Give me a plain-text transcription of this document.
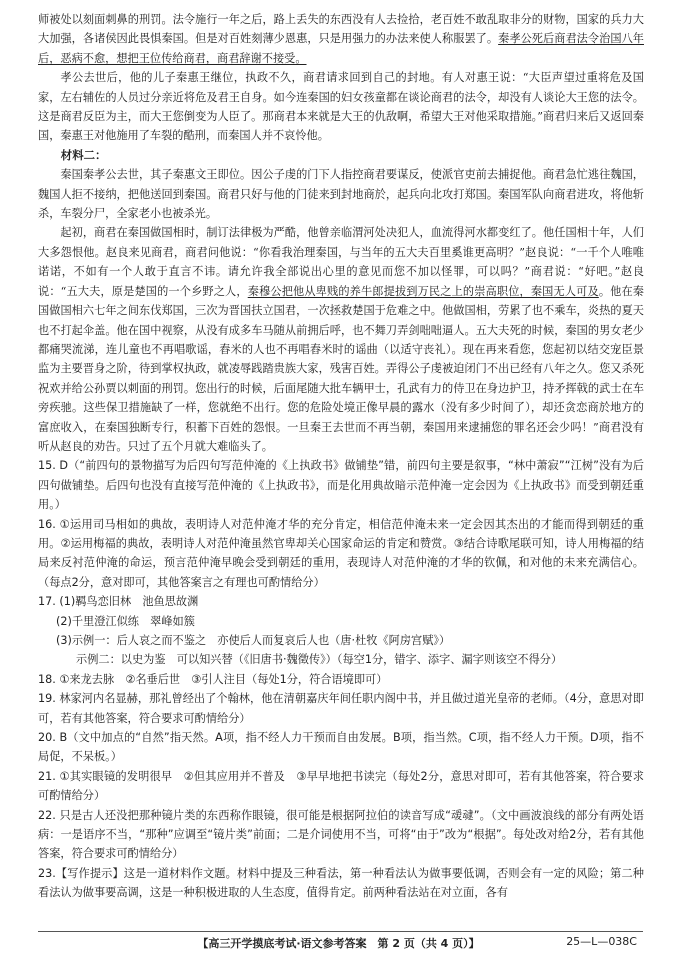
师被处以刻面刺鼻的刑罚。法令施行一年之后，路上丢失的东西没有人去捡拾，老百姓不敢乱取非分的财物，国家的兵力大大加强，各诸侯因此畏惧秦国。但是对百姓刻薄少恩惠，只是用强力的办法来使人称服罢了。秦孝公死后商君法令治国八年后，恶病不愈，想把王位传给商君，商君辞谢不接受。

孝公去世后，他的儿子秦惠王继位，执政不久，商君请求回到自己的封地。有人对惠王说：“大臣声望过重将危及国家，左右辅佐的人员过分亲近将危及君王自身。如今连秦国的妇女孩童都在谈论商君的法令，却没有人谈论大王您的法令。这是商君反臣为主，而大王您倒变为人臣了。那商君本来就是大王的仇敌啊，希望大王对他采取措施。”商君归来后又返回秦国，秦惠王对他施用了车裂的酷刑，而秦国人并不哀怜他。

材料二：

秦国秦孝公去世，其子秦惠文王即位。因公子虔的门下人指控商君要谋反，使派官吏前去捕捉他。商君急忙逃往魏国，魏国人拒不接纳，把他送回到秦国。商君只好与他的门徒来到封地商於，起兵向北攻打郑国。秦国军队向商君进攻，将他斩杀，车裂分尸，全家老小也被杀光。

起初，商君在秦国做国相时，制订法律极为严酷，他曾亲临渭河处决犯人，血流得河水都变红了。他任国相十年，人们大多怨恨他。赵良来见商君，商君问他说：“你看我治理秦国，与当年的五大夫百里奚谁更高明？”赵良说：“一千个人唯唯诺诺，不如有一个人敢于直言不讳。请允许我全部说出心里的意见而您不加以怪罪，可以吗？”商君说：“好吧。”赵良说：“五大夫，原是楚国的一个乡野之人，秦穆公把他从卑贱的养牛郎提拔到万民之上的崇高职位，秦国无人可及。他在秦国做国相六七年之间东伐郑国，三次为晋国扶立国君，一次拯救楚国于危难之中。他做国相，劳累了也不乘车，炎热的夏天也不打起伞盖。他在国中视察，从没有成多车马随从前拥后呼，也不舞刀弄剑咄咄逼人。五大夫死的时候，秦国的男女老少都痛哭流涕，连儿童也不再唱歌谣，舂米的人也不再唱舂米时的谣曲（以适守丧礼）。现在再来看您，您起初以结交宠臣景监为主要晋身之阶，待到掌权执政，就凌辱践踏贵族大家，残害百姓。弄得公子虔被迫闭门不出已经有八年之久。您又杀死祝欢并给公孙贾以刺面的刑罚。您出行的时候，后面尾随大批车辆甲士，孔武有力的侍卫在身边护卫，持矛挥戟的武士在车旁疾驰。这些保卫措施缺了一样，您就绝不出行。您的危险处境正像早晨的露水（没有多少时间了），却还贪恋商於地方的富庶收入，在秦国独断专行，积蓄下百姓的怨恨。一旦秦王去世而不再当朝，秦国用来逮捕您的罪名还会少吗！”商君没有听从赵良的劝告。只过了五个月就大难临头了。

15. D（“前四句的景物描写为后四句写范仲淹的《上执政书》做铺垫”错，前四句主要是叙事，“林中萧寂”“江树”没有为后四句做铺垫。后四句也没有直接写范仲淹的《上执政书》，而是化用典故暗示范仲淹一定会因为《上执政书》而受到朝廷重用。）

16. ①运用司马相如的典故，表明诗人对范仲淹才华的充分肯定，相信范仲淹未来一定会因其杰出的才能而得到朝廷的重用。②运用梅福的典故，表明诗人对范仲淹虽然官卑却关心国家命运的肯定和赞赏。③结合诗歌尾联可知，诗人用梅福的结局来反衬范仲淹的命运，预言范仲淹早晚会受到朝廷的重用，表现诗人对范仲淹的才华的钦佩，和对他的未来充满信心。（每点2分，意对即可，其他答案言之有理也可酌情给分）

17. (1)羁鸟恋旧林　池鱼思故渊

(2)千里澄江似练　翠峰如簇

(3)示例一：后人哀之而不鉴之　亦使后人而复哀后人也（唐·杜牧《阿房宫赋》）

示例二：以史为鉴　可以知兴替（《旧唐书·魏徵传》）（每空1分，错字、添字、漏字则该空不得分）

18. ①来龙去脉　②名垂后世　③引人注目（每处1分，符合语境即可）

19. 林家河内名显赫，那礼曾经出了个翰林，他在清朝嘉庆年间任职内阁中书，并且做过道光皇帝的老师。（4分，意思对即可，若有其他答案，符合要求可酌情给分）

20. B（文中加点的“自然”指天然。A项，指不经人力干预而自由发展。B项，指当然。C项，指不经人力干预。D项，指不局促，不呆板。）

21. ①其实眼镜的发明很早　②但其应用并不普及　③早早地把书读完（每处2分，意思对即可，若有其他答案，符合要求可酌情给分）

22. 只是古人还没把那种镜片类的东西称作眼镜，很可能是根据阿拉伯的读音写成“叆叇”。（文中画波浪线的部分有两处语病：一是语序不当，“那种”应调至“镜片类”前面；二是介词使用不当，可将“由于”改为“根据”。每处改对给2分，若有其他答案，符合要求可酌情给分）

23.【写作提示】这是一道材料作文题。材料中提及三种看法，第一种看法认为做事要低调，否则会有一定的风险；第二种看法认为做事要高调，这是一种积极进取的人生态度，值得肯定。前两种看法站在对立面，各有

【高三开学摸底考试·语文参考答案　第 2 页（共 4 页）】	25—L—038C
